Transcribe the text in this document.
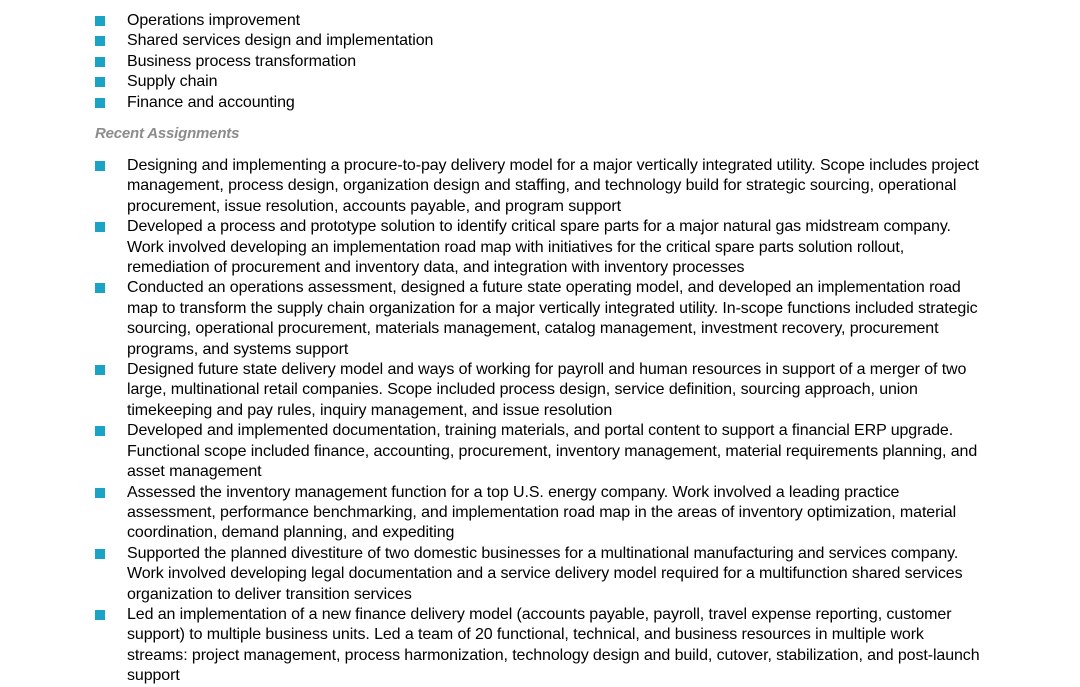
Operations improvement
Shared services design and implementation
Business process transformation
Supply chain
Finance and accounting
Recent Assignments
Designing and implementing a procure-to-pay delivery model for a major vertically integrated utility. Scope includes project management, process design, organization design and staffing, and technology build for strategic sourcing, operational procurement, issue resolution, accounts payable, and program support
Developed a process and prototype solution to identify critical spare parts for a major natural gas midstream company. Work involved developing an implementation road map with initiatives for the critical spare parts solution rollout, remediation of procurement and inventory data, and integration with inventory processes
Conducted an operations assessment, designed a future state operating model, and developed an implementation road map to transform the supply chain organization for a major vertically integrated utility. In-scope functions included strategic sourcing, operational procurement, materials management, catalog management, investment recovery, procurement programs, and systems support
Designed future state delivery model and ways of working for payroll and human resources in support of a merger of two large, multinational retail companies. Scope included process design, service definition, sourcing approach, union timekeeping and pay rules, inquiry management, and issue resolution
Developed and implemented documentation, training materials, and portal content to support a financial ERP upgrade. Functional scope included finance, accounting, procurement, inventory management, material requirements planning, and asset management
Assessed the inventory management function for a top U.S. energy company. Work involved a leading practice assessment, performance benchmarking, and implementation road map in the areas of inventory optimization, material coordination, demand planning, and expediting
Supported the planned divestiture of two domestic businesses for a multinational manufacturing and services company. Work involved developing legal documentation and a service delivery model required for a multifunction shared services organization to deliver transition services
Led an implementation of a new finance delivery model (accounts payable, payroll, travel expense reporting, customer support) to multiple business units. Led a team of 20 functional, technical, and business resources in multiple work streams: project management, process harmonization, technology design and build, cutover, stabilization, and post-launch support
